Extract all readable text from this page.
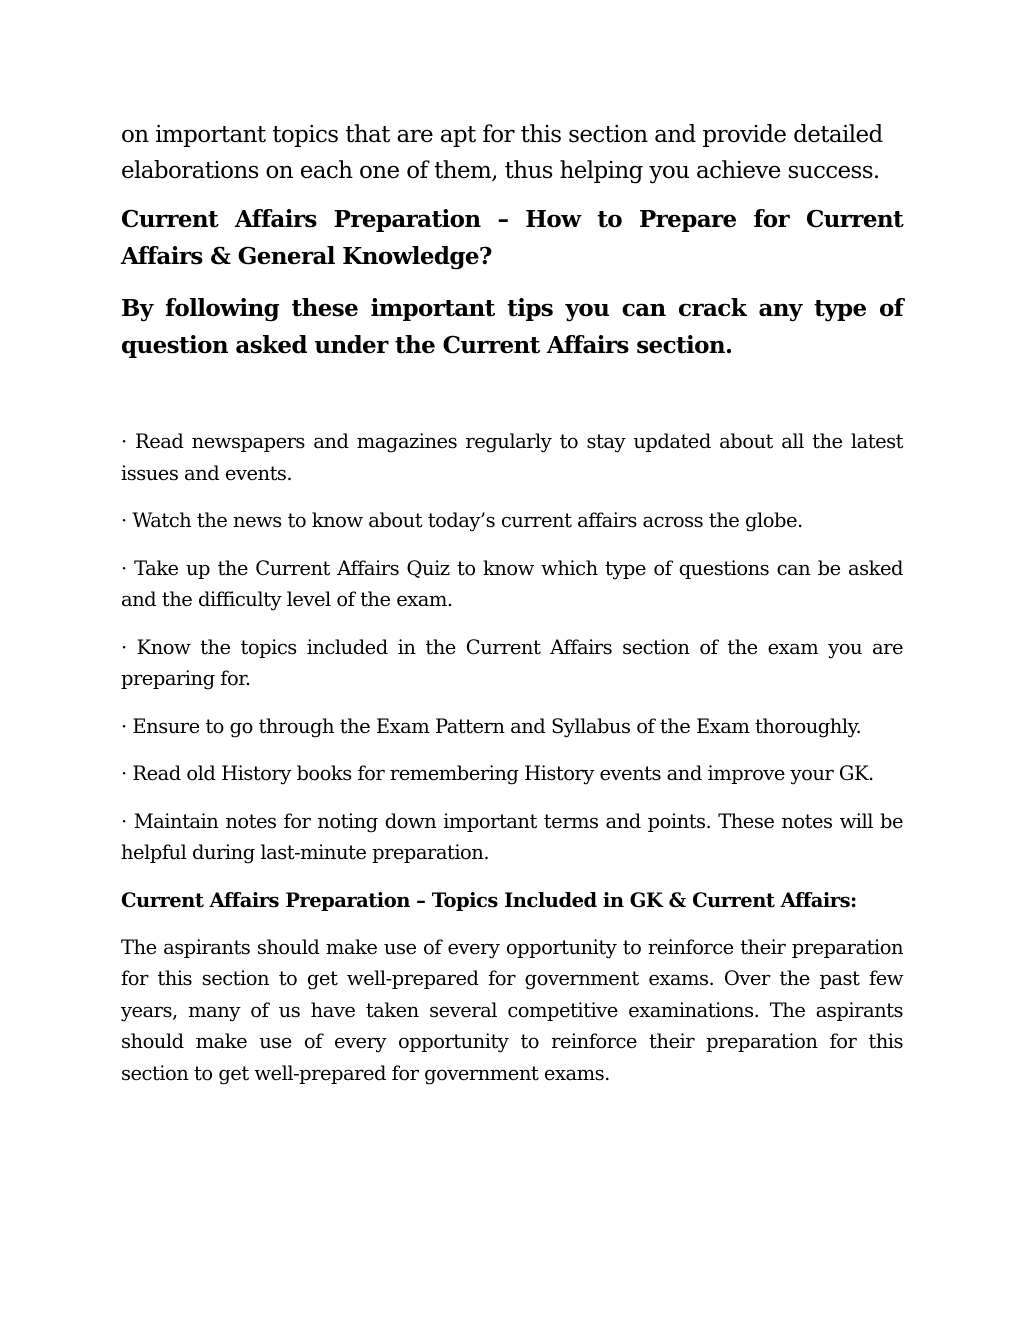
on important topics that are apt for this section and provide detailed elaborations on each one of them, thus helping you achieve success.

Current Affairs Preparation – How to Prepare for Current Affairs & General Knowledge?
By following these important tips you can crack any type of question asked under the Current Affairs section.
· Read newspapers and magazines regularly to stay updated about all the latest issues and events.
· Watch the news to know about today’s current affairs across the globe.
· Take up the Current Affairs Quiz to know which type of questions can be asked and the difficulty level of the exam.
· Know the topics included in the Current Affairs section of the exam you are preparing for.
· Ensure to go through the Exam Pattern and Syllabus of the Exam thoroughly.
· Read old History books for remembering History events and improve your GK.
· Maintain notes for noting down important terms and points. These notes will be helpful during last-minute preparation.
Current Affairs Preparation – Topics Included in GK & Current Affairs:

The aspirants should make use of every opportunity to reinforce their preparation for this section to get well-prepared for government exams. Over the past few years, many of us have taken several competitive examinations. The aspirants should make use of every opportunity to reinforce their preparation for this section to get well-prepared for government exams.
